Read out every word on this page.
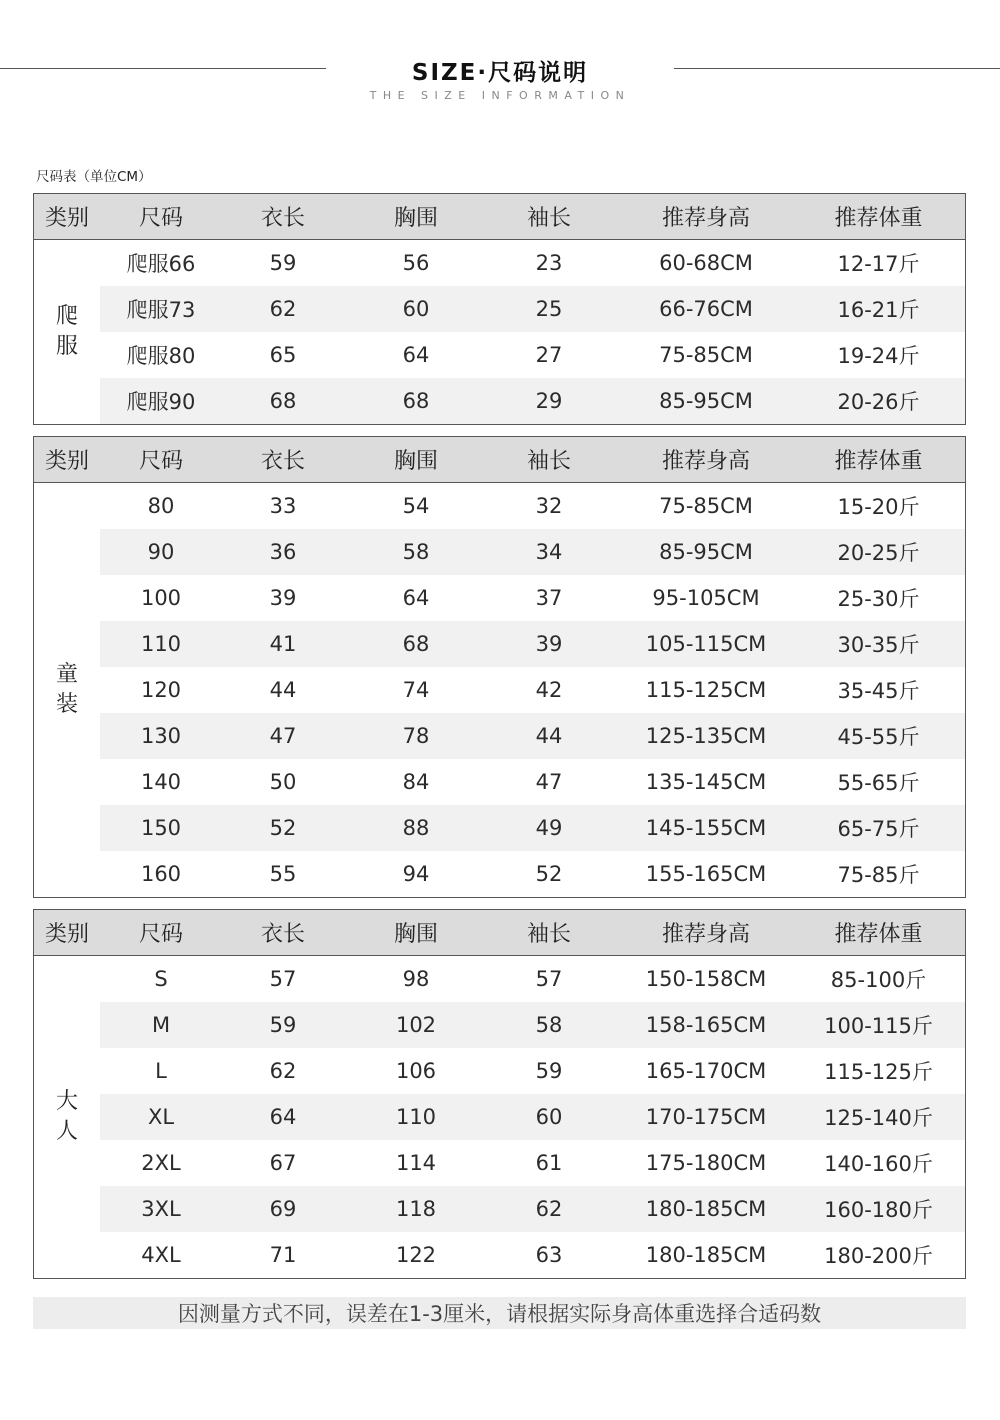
SIZE·尺码说明
THE SIZE INFORMATION
尺码表（单位CM）
类别	尺码	衣长	胸围	袖长	推荐身高	推荐体重
爬服
爬服66	59	56	23	60-68CM	12-17斤
爬服73	62	60	25	66-76CM	16-21斤
爬服80	65	64	27	75-85CM	19-24斤
爬服90	68	68	29	85-95CM	20-26斤
类别	尺码	衣长	胸围	袖长	推荐身高	推荐体重
童装
80	33	54	32	75-85CM	15-20斤
90	36	58	34	85-95CM	20-25斤
100	39	64	37	95-105CM	25-30斤
110	41	68	39	105-115CM	30-35斤
120	44	74	42	115-125CM	35-45斤
130	47	78	44	125-135CM	45-55斤
140	50	84	47	135-145CM	55-65斤
150	52	88	49	145-155CM	65-75斤
160	55	94	52	155-165CM	75-85斤
类别	尺码	衣长	胸围	袖长	推荐身高	推荐体重
大人
S	57	98	57	150-158CM	85-100斤
M	59	102	58	158-165CM	100-115斤
L	62	106	59	165-170CM	115-125斤
XL	64	110	60	170-175CM	125-140斤
2XL	67	114	61	175-180CM	140-160斤
3XL	69	118	62	180-185CM	160-180斤
4XL	71	122	63	180-185CM	180-200斤
因测量方式不同，误差在1-3厘米，请根据实际身高体重选择合适码数
